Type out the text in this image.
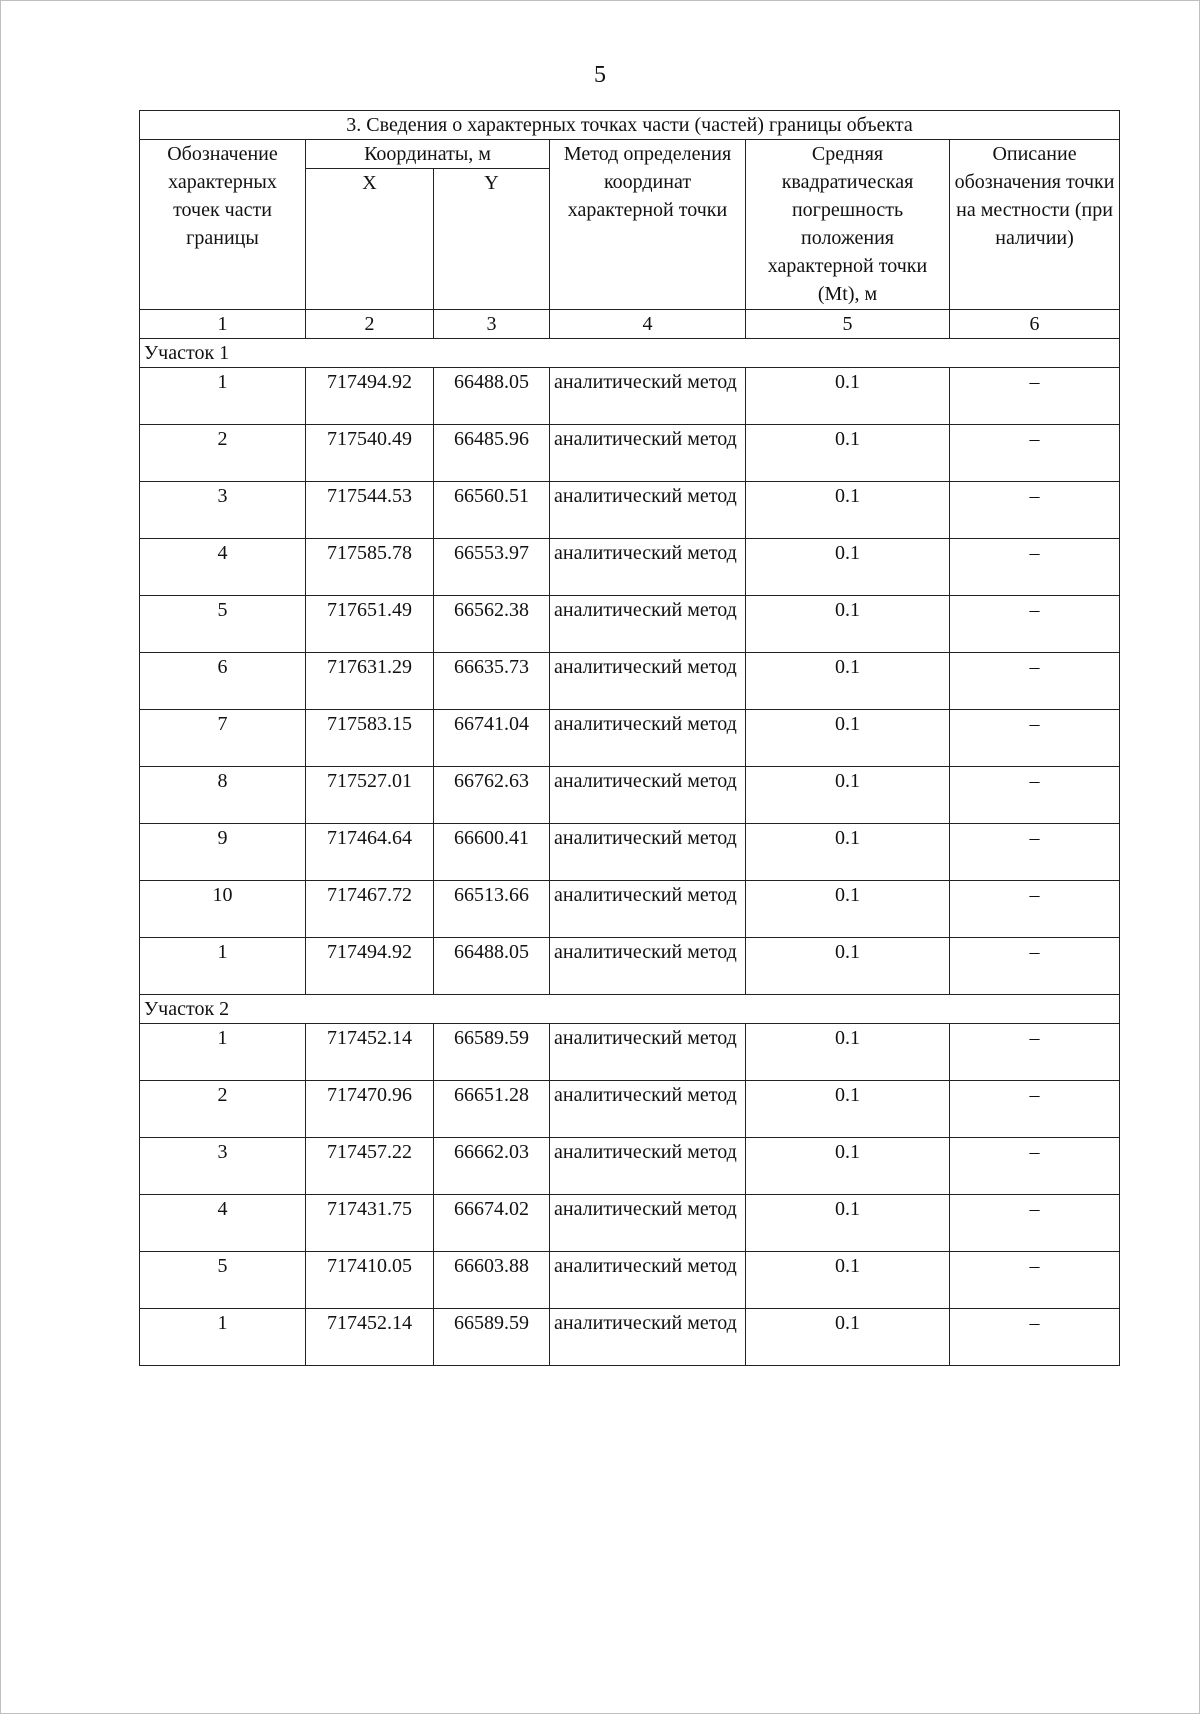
5
3. Сведения о характерных точках части (частей) границы объекта					
Обозначение характерных точек части границы	Координаты, м		Метод определения координат характерной точки	Средняя квадратическая погрешность положения характерной точки (Mt), м	Описание обозначения точки на местности (при наличии)
	X	Y			
1	2	3	4	5	6
Участок 1					
1	717494.92	66488.05	аналитический метод	0.1	–
2	717540.49	66485.96	аналитический метод	0.1	–
3	717544.53	66560.51	аналитический метод	0.1	–
4	717585.78	66553.97	аналитический метод	0.1	–
5	717651.49	66562.38	аналитический метод	0.1	–
6	717631.29	66635.73	аналитический метод	0.1	–
7	717583.15	66741.04	аналитический метод	0.1	–
8	717527.01	66762.63	аналитический метод	0.1	–
9	717464.64	66600.41	аналитический метод	0.1	–
10	717467.72	66513.66	аналитический метод	0.1	–
1	717494.92	66488.05	аналитический метод	0.1	–
Участок 2					
1	717452.14	66589.59	аналитический метод	0.1	–
2	717470.96	66651.28	аналитический метод	0.1	–
3	717457.22	66662.03	аналитический метод	0.1	–
4	717431.75	66674.02	аналитический метод	0.1	–
5	717410.05	66603.88	аналитический метод	0.1	–
1	717452.14	66589.59	аналитический метод	0.1	–
